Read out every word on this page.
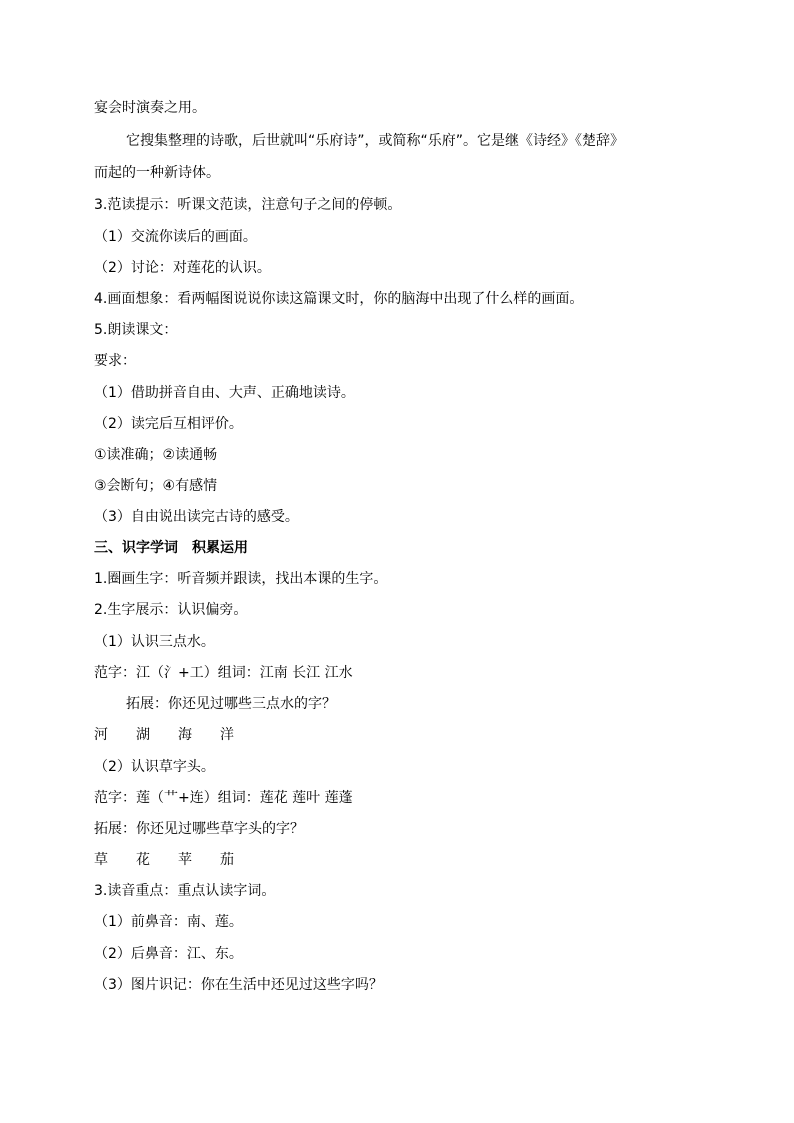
宴会时演奏之用。
它搜集整理的诗歌，后世就叫“乐府诗”，或简称“乐府”。它是继《诗经》《楚辞》
而起的一种新诗体。
3.范读提示：听课文范读，注意句子之间的停顿。
（1）交流你读后的画面。
（2）讨论：对莲花的认识。
4.画面想象：看两幅图说说你读这篇课文时，你的脑海中出现了什么样的画面。
5.朗读课文：
要求：
（1）借助拼音自由、大声、正确地读诗。
（2）读完后互相评价。
①读准确；②读通畅
③会断句；④有感情
（3）自由说出读完古诗的感受。
三、识字学词　积累运用
1.圈画生字：听音频并跟读，找出本课的生字。
2.生字展示：认识偏旁。
（1）认识三点水。
范字：江（氵+工）组词：江南 长江 江水
拓展：你还见过哪些三点水的字？
河　　湖　　海　　洋
（2）认识草字头。
范字：莲（艹+连）组词：莲花 莲叶 莲蓬
拓展：你还见过哪些草字头的字？
草　　花　　苹　　茄
3.读音重点：重点认读字词。
（1）前鼻音：南、莲。
（2）后鼻音：江、东。
（3）图片识记：你在生活中还见过这些字吗？
